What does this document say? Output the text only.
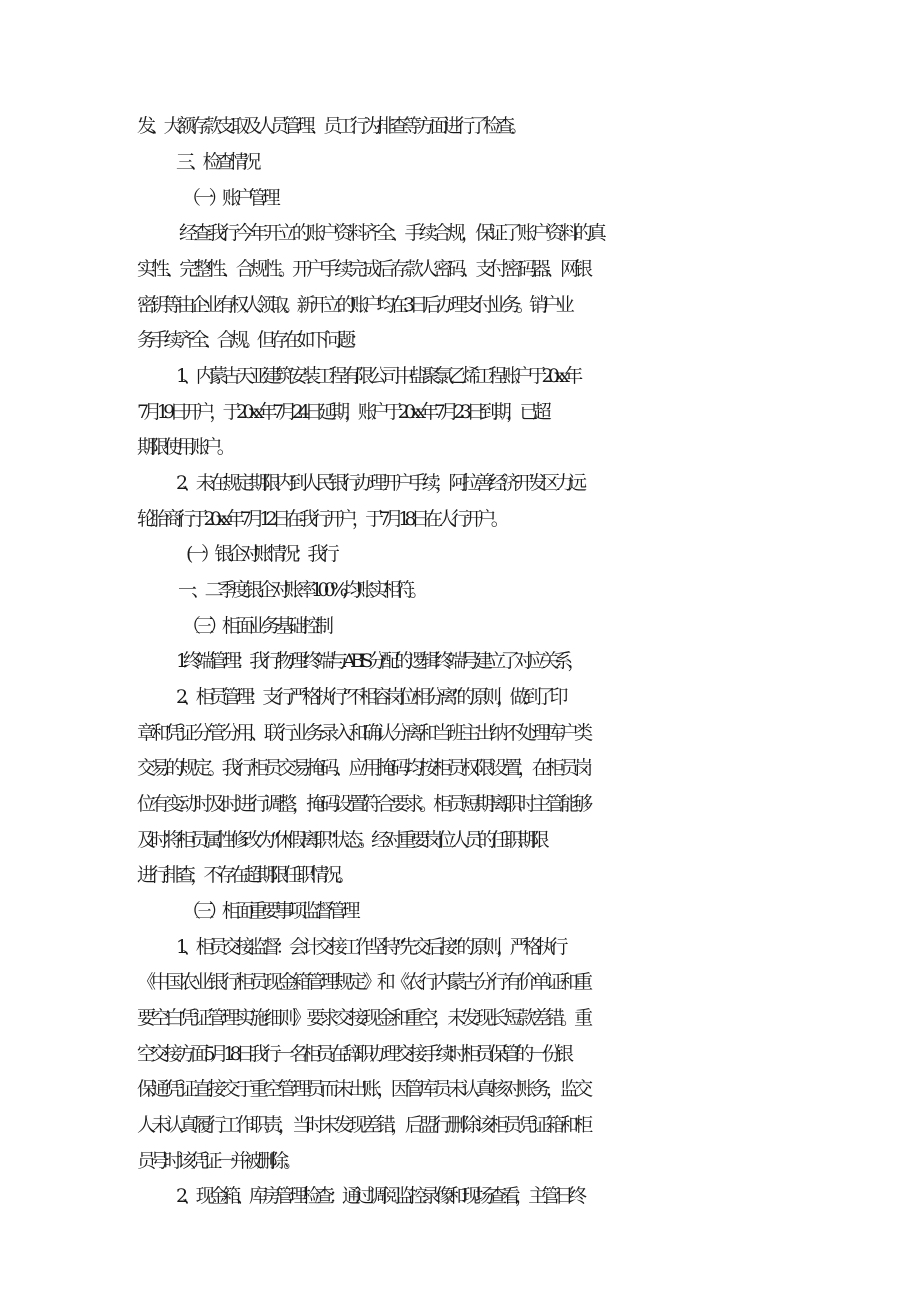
发、大额存款支取及人员管理、员工行为排查等方面进行了检查。
三、检查情况
（一）账户管理
经查我行今年开立的账户资料齐全、手续合规，保证了账户资料的真
实性、完整性、合规性。开户手续完成后存款人密码、支付密码器、网银
密钥等由企业有权人领取。新开立的账户均在3日后办理支付业务。销户业
务手续齐全、合规。但存在如下问题：
1、内蒙古天亚建筑安装工程有限公司中盐聚氯乙烯工程账户于20xx年
7月19日开户，于20xx年7月24日延期，账户于20xx年7月23日到期，已超
期限使用账户。
2、未在规定期限内到人民银行办理开户手续，阿拉善经济开发区力远
轮胎商行于20xx年7月12日在我行开户，于7月18日在人行开户。
(一）银企对账情况：我行
一、二季度银企对账率100%,均账实相符。
（三）柜面业务基础控制
1.终端管理：我行物理终端与ABIS分配的逻辑终端号建立了对应关系，
2、柜员管理：支行严格执行“不相容岗位相分离”的原则，做到了印
章和凭证分管分用、联行业务录入和确认分离和当班主出纳不处理库户类
交易的规定。我行柜员交易掩码、应用掩码均按柜员权限设置，在柜员岗
位有变动时及时进行调整，掩码设置符合要求。柜员短期离职时主管能够
及时将柜员属性修改为“休假离职”状态。经对重要岗位人员的任职期限
进行排查，不存在超期限任职情况。
（三）柜面重要事项监督管理
1、柜员交接监督：会计交接工作坚持“先交后接”的原则，严格执行
《中国农业银行柜员现金箱管理规定》和《农行内蒙古分行有价单证和重
要空白凭证管理实施细则》要求交接现金和重空，未发现长短款差错。重
空交接方面5月18日我行一名柜员在辞职办理交接手续时柜员保管的一份银
保通凭证直接交于重空管理员而未出账，因管库员未认真核对账务，监交
人未认真履行工作职责，当时未发现差错，后盟行删除该柜员凭证箱和柜
员号时该凭证一并被删除。
2、现金箱、库房管理检查：通过调阅监控录像和现场查看，主管日终
